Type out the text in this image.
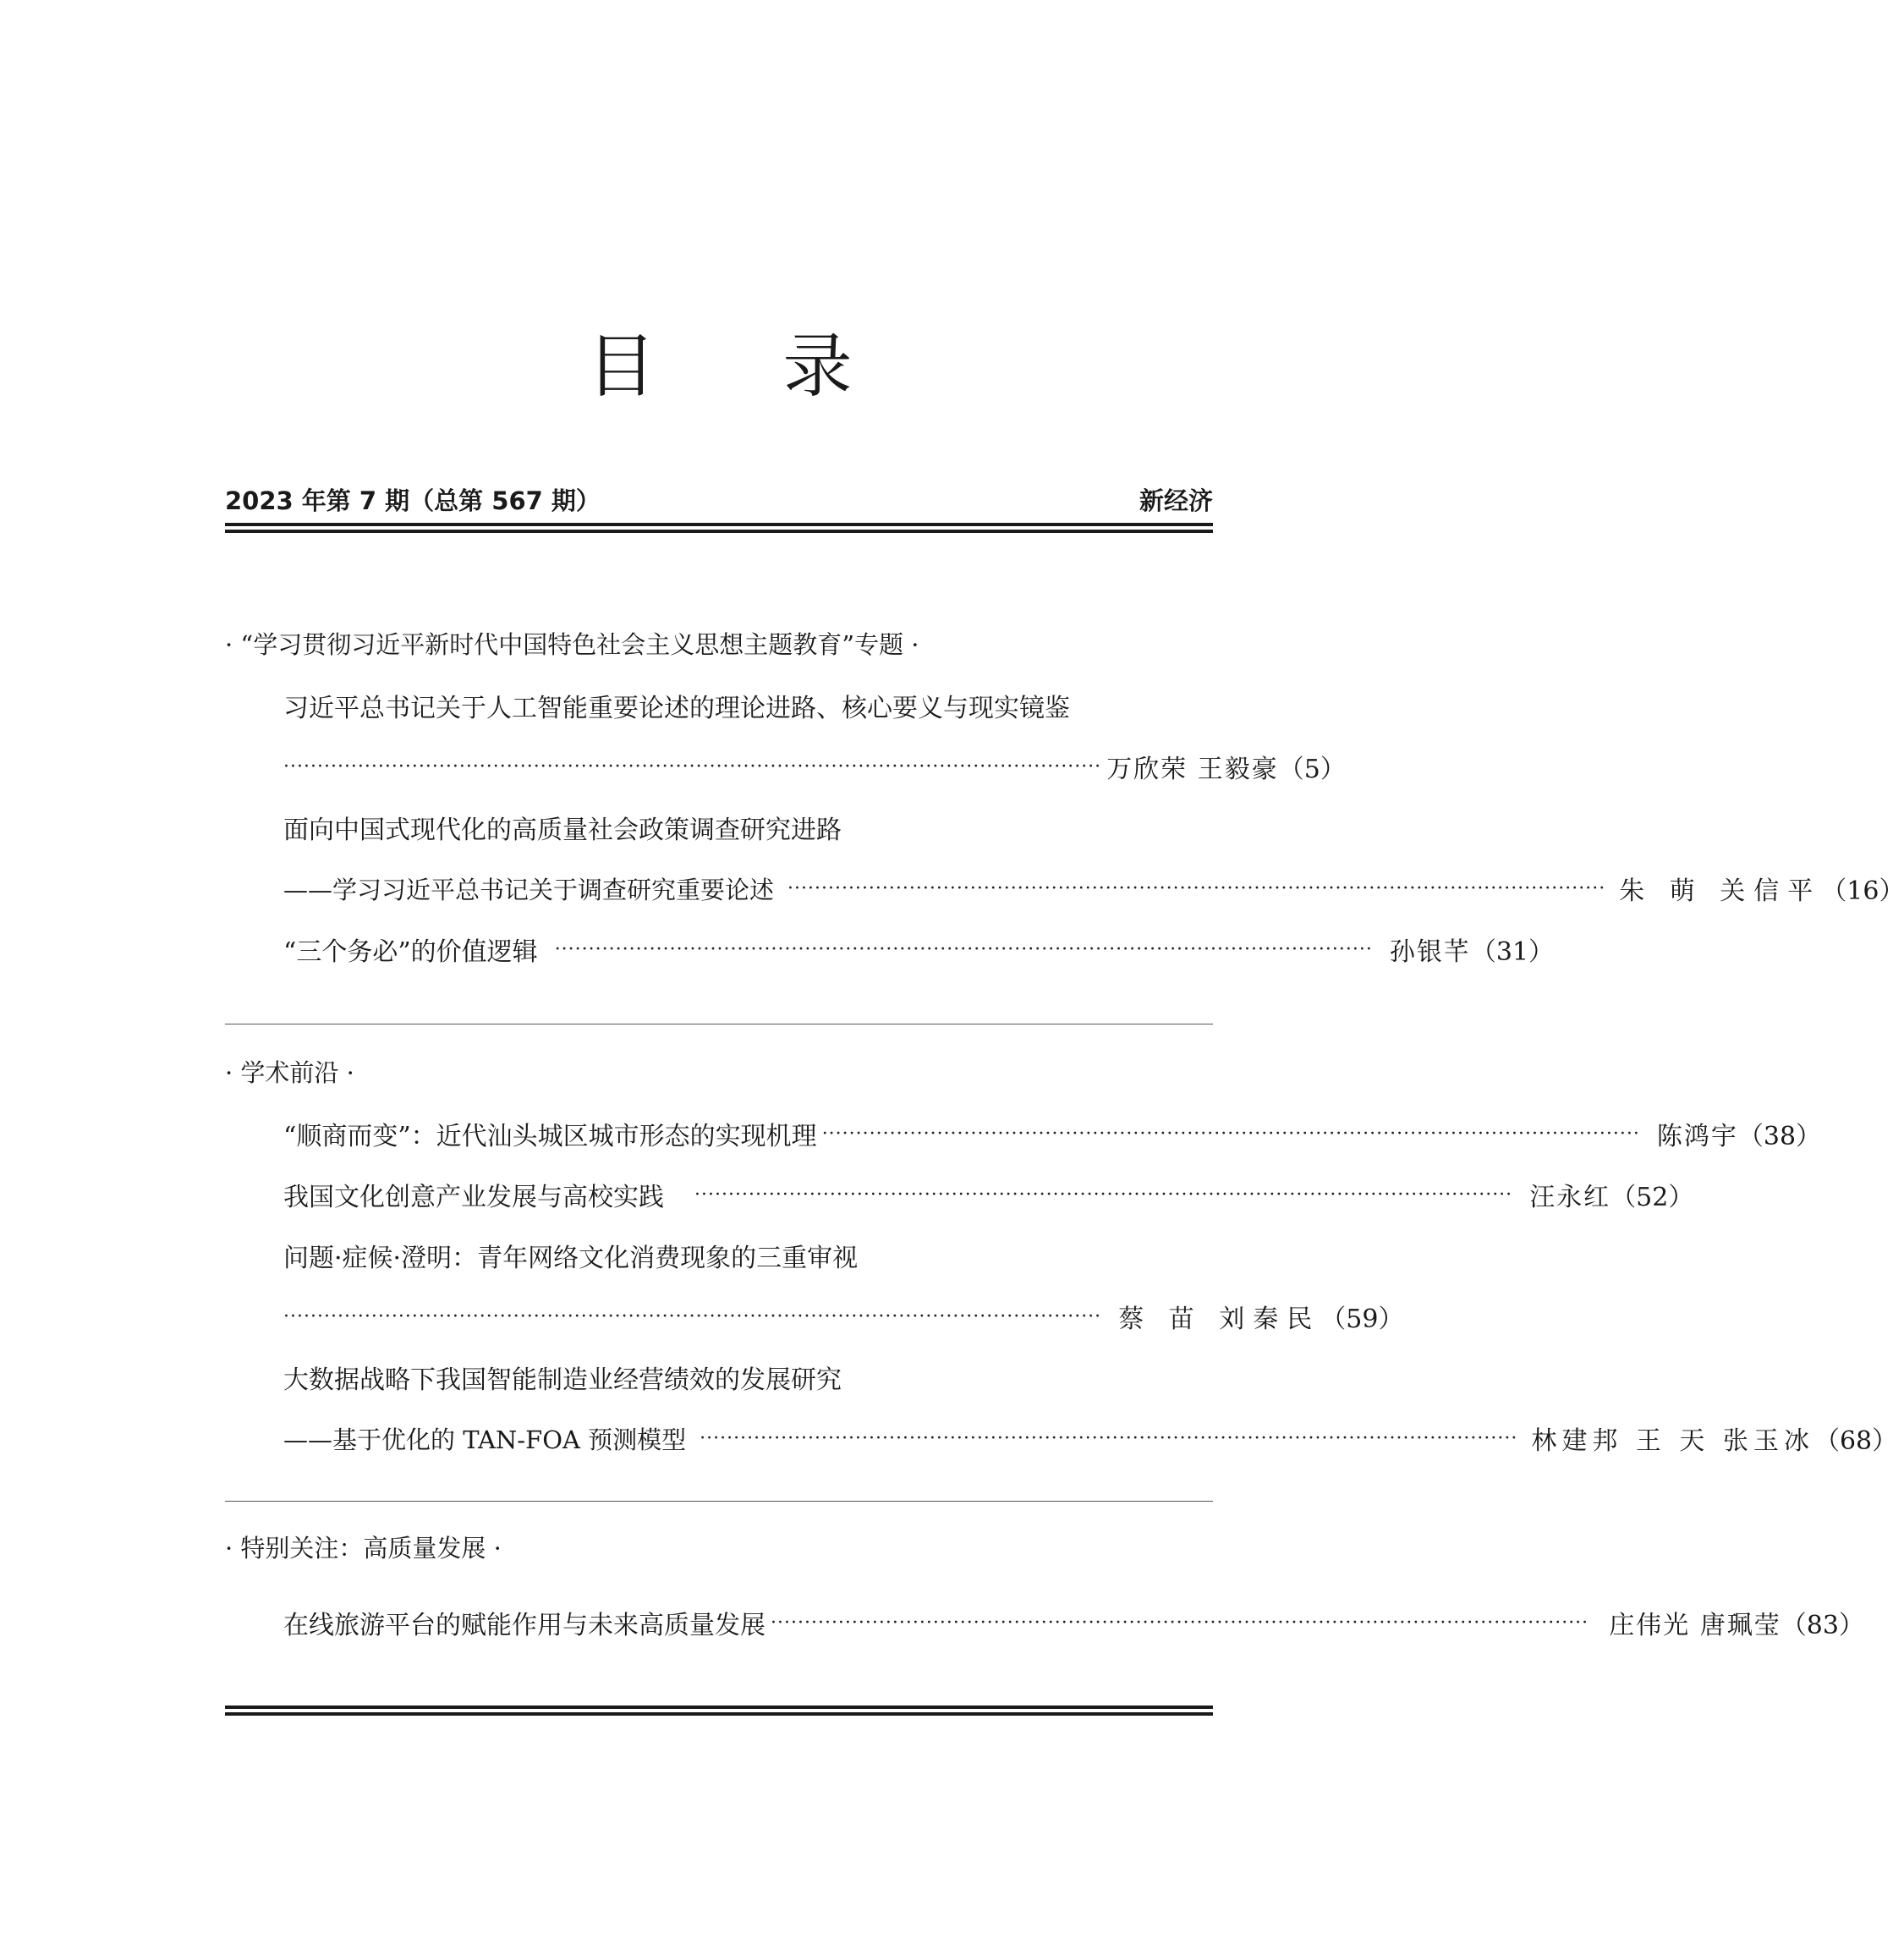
目 录
2023 年第 7 期（总第 567 期）	新经济
· “学习贯彻习近平新时代中国特色社会主义思想主题教育”专题 ·
习近平总书记关于人工智能重要论述的理论进路、核心要义与现实镜鉴
························································································································· 万欣荣 王毅豪 （5）
面向中国式现代化的高质量社会政策调查研究进路
——学习习近平总书记关于调查研究重要论述 ························································································································· 朱 萌 关信平 （16）
“三个务必”的价值逻辑 ························································································································· 孙银芊 （31）
· 学术前沿 ·
“顺商而变”：近代汕头城区城市形态的实现机理 ························································································································· 陈鸿宇 （38）
我国文化创意产业发展与高校实践 ························································································································· 汪永红 （52）
问题·症候·澄明：青年网络文化消费现象的三重审视
························································································································· 蔡 苗 刘秦民 （59）
大数据战略下我国智能制造业经营绩效的发展研究
——基于优化的 TAN-FOA 预测模型 ························································································································· 林建邦 王 天 张玉冰 （68）
· 特别关注：高质量发展 ·
在线旅游平台的赋能作用与未来高质量发展 ························································································································· 庄伟光 唐珮莹 （83）
